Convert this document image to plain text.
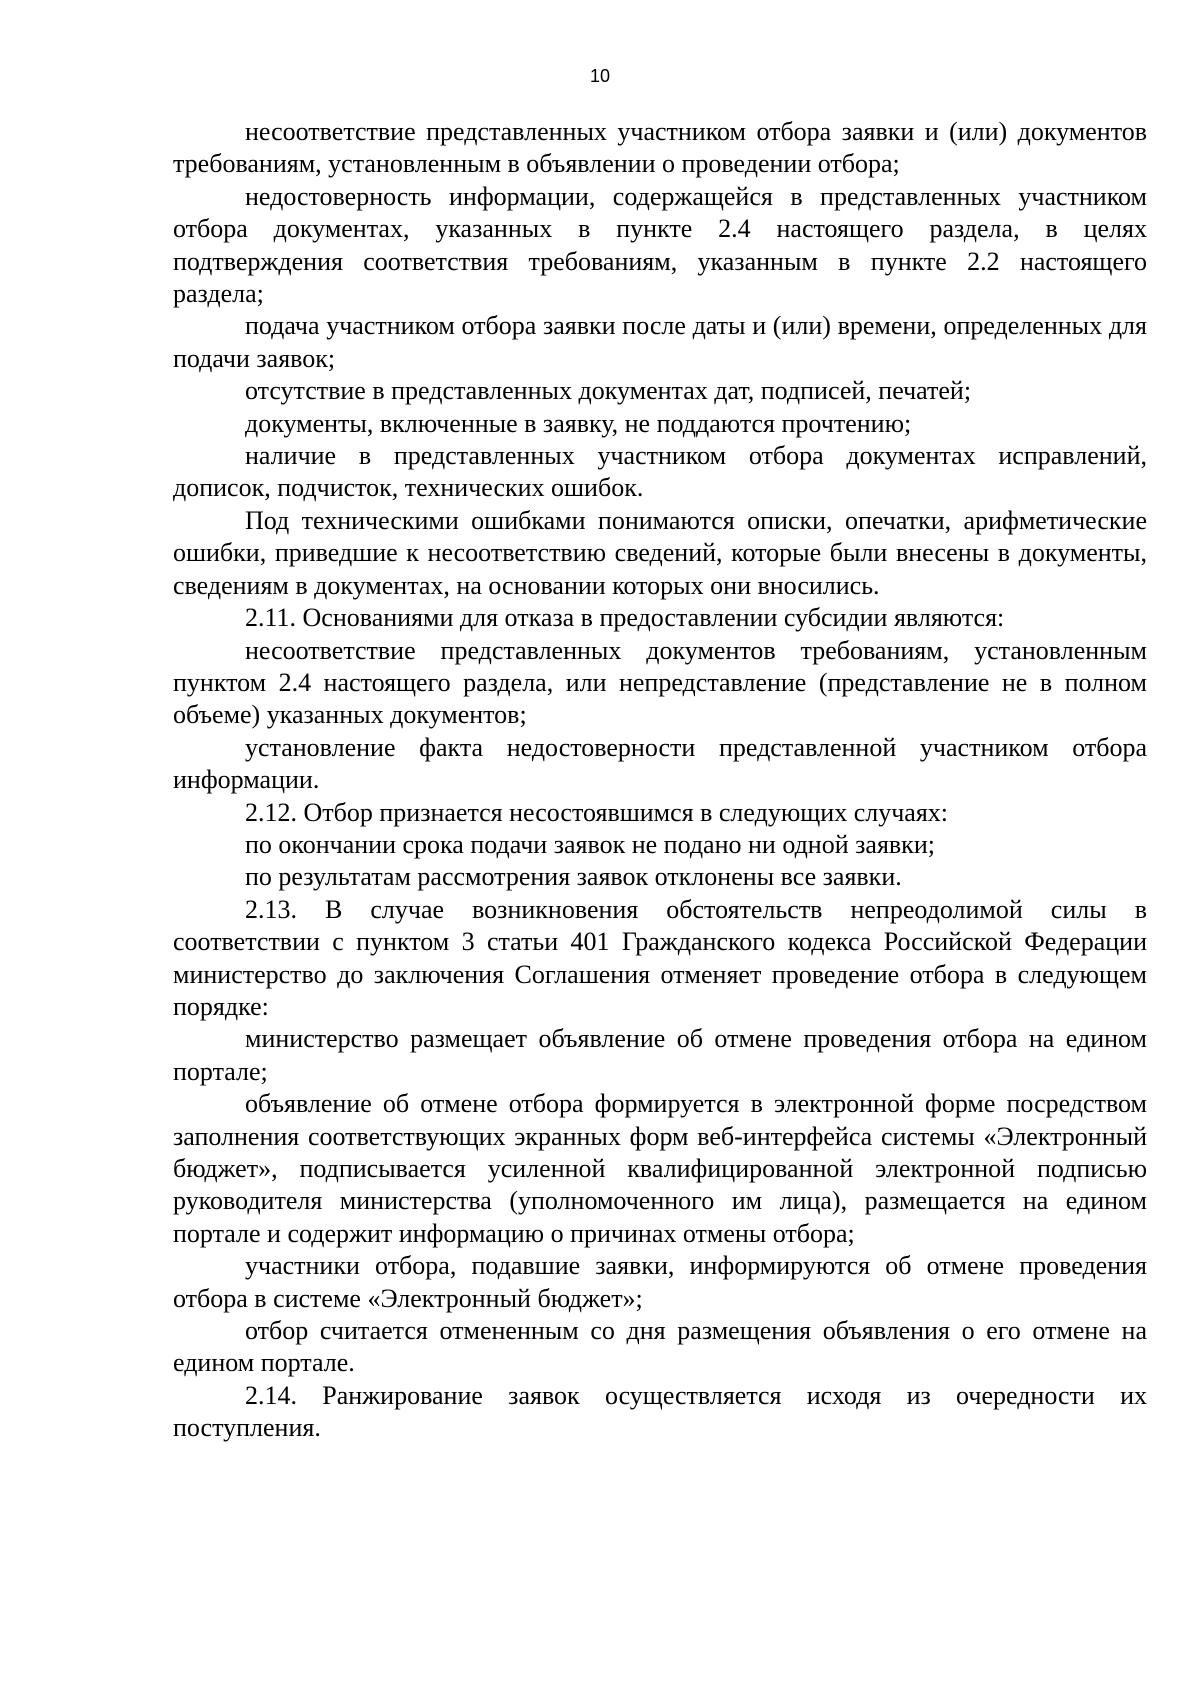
10

несоответствие представленных участником отбора заявки и (или) документов требованиям, установленным в объявлении о проведении отбора;

недостоверность информации, содержащейся в представленных участником отбора документах, указанных в пункте 2.4 настоящего раздела, в целях подтверждения соответствия требованиям, указанным в пункте 2.2 настоящего раздела;

подача участником отбора заявки после даты и (или) времени, определенных для подачи заявок;

отсутствие в представленных документах дат, подписей, печатей;

документы, включенные в заявку, не поддаются прочтению;

наличие в представленных участником отбора документах исправлений, дописок, подчисток, технических ошибок.

Под техническими ошибками понимаются описки, опечатки, арифметические ошибки, приведшие к несоответствию сведений, которые были внесены в документы, сведениям в документах, на основании которых они вносились.

2.11. Основаниями для отказа в предоставлении субсидии являются:

несоответствие представленных документов требованиям, установленным пунктом 2.4 настоящего раздела, или непредставление (представление не в полном объеме) указанных документов;

установление факта недостоверности представленной участником отбора информации.

2.12. Отбор признается несостоявшимся в следующих случаях:

по окончании срока подачи заявок не подано ни одной заявки;

по результатам рассмотрения заявок отклонены все заявки.

2.13. В случае возникновения обстоятельств непреодолимой силы в соответствии с пунктом 3 статьи 401 Гражданского кодекса Российской Федерации министерство до заключения Соглашения отменяет проведение отбора в следующем порядке:

министерство размещает объявление об отмене проведения отбора на едином портале;

объявление об отмене отбора формируется в электронной форме посредством заполнения соответствующих экранных форм веб-интерфейса системы «Электронный бюджет», подписывается усиленной квалифицированной электронной подписью руководителя министерства (уполномоченного им лица), размещается на едином портале и содержит информацию о причинах отмены отбора;

участники отбора, подавшие заявки, информируются об отмене проведения отбора в системе «Электронный бюджет»;

отбор считается отмененным со дня размещения объявления о его отмене на едином портале.

2.14. Ранжирование заявок осуществляется исходя из очередности их поступления.
